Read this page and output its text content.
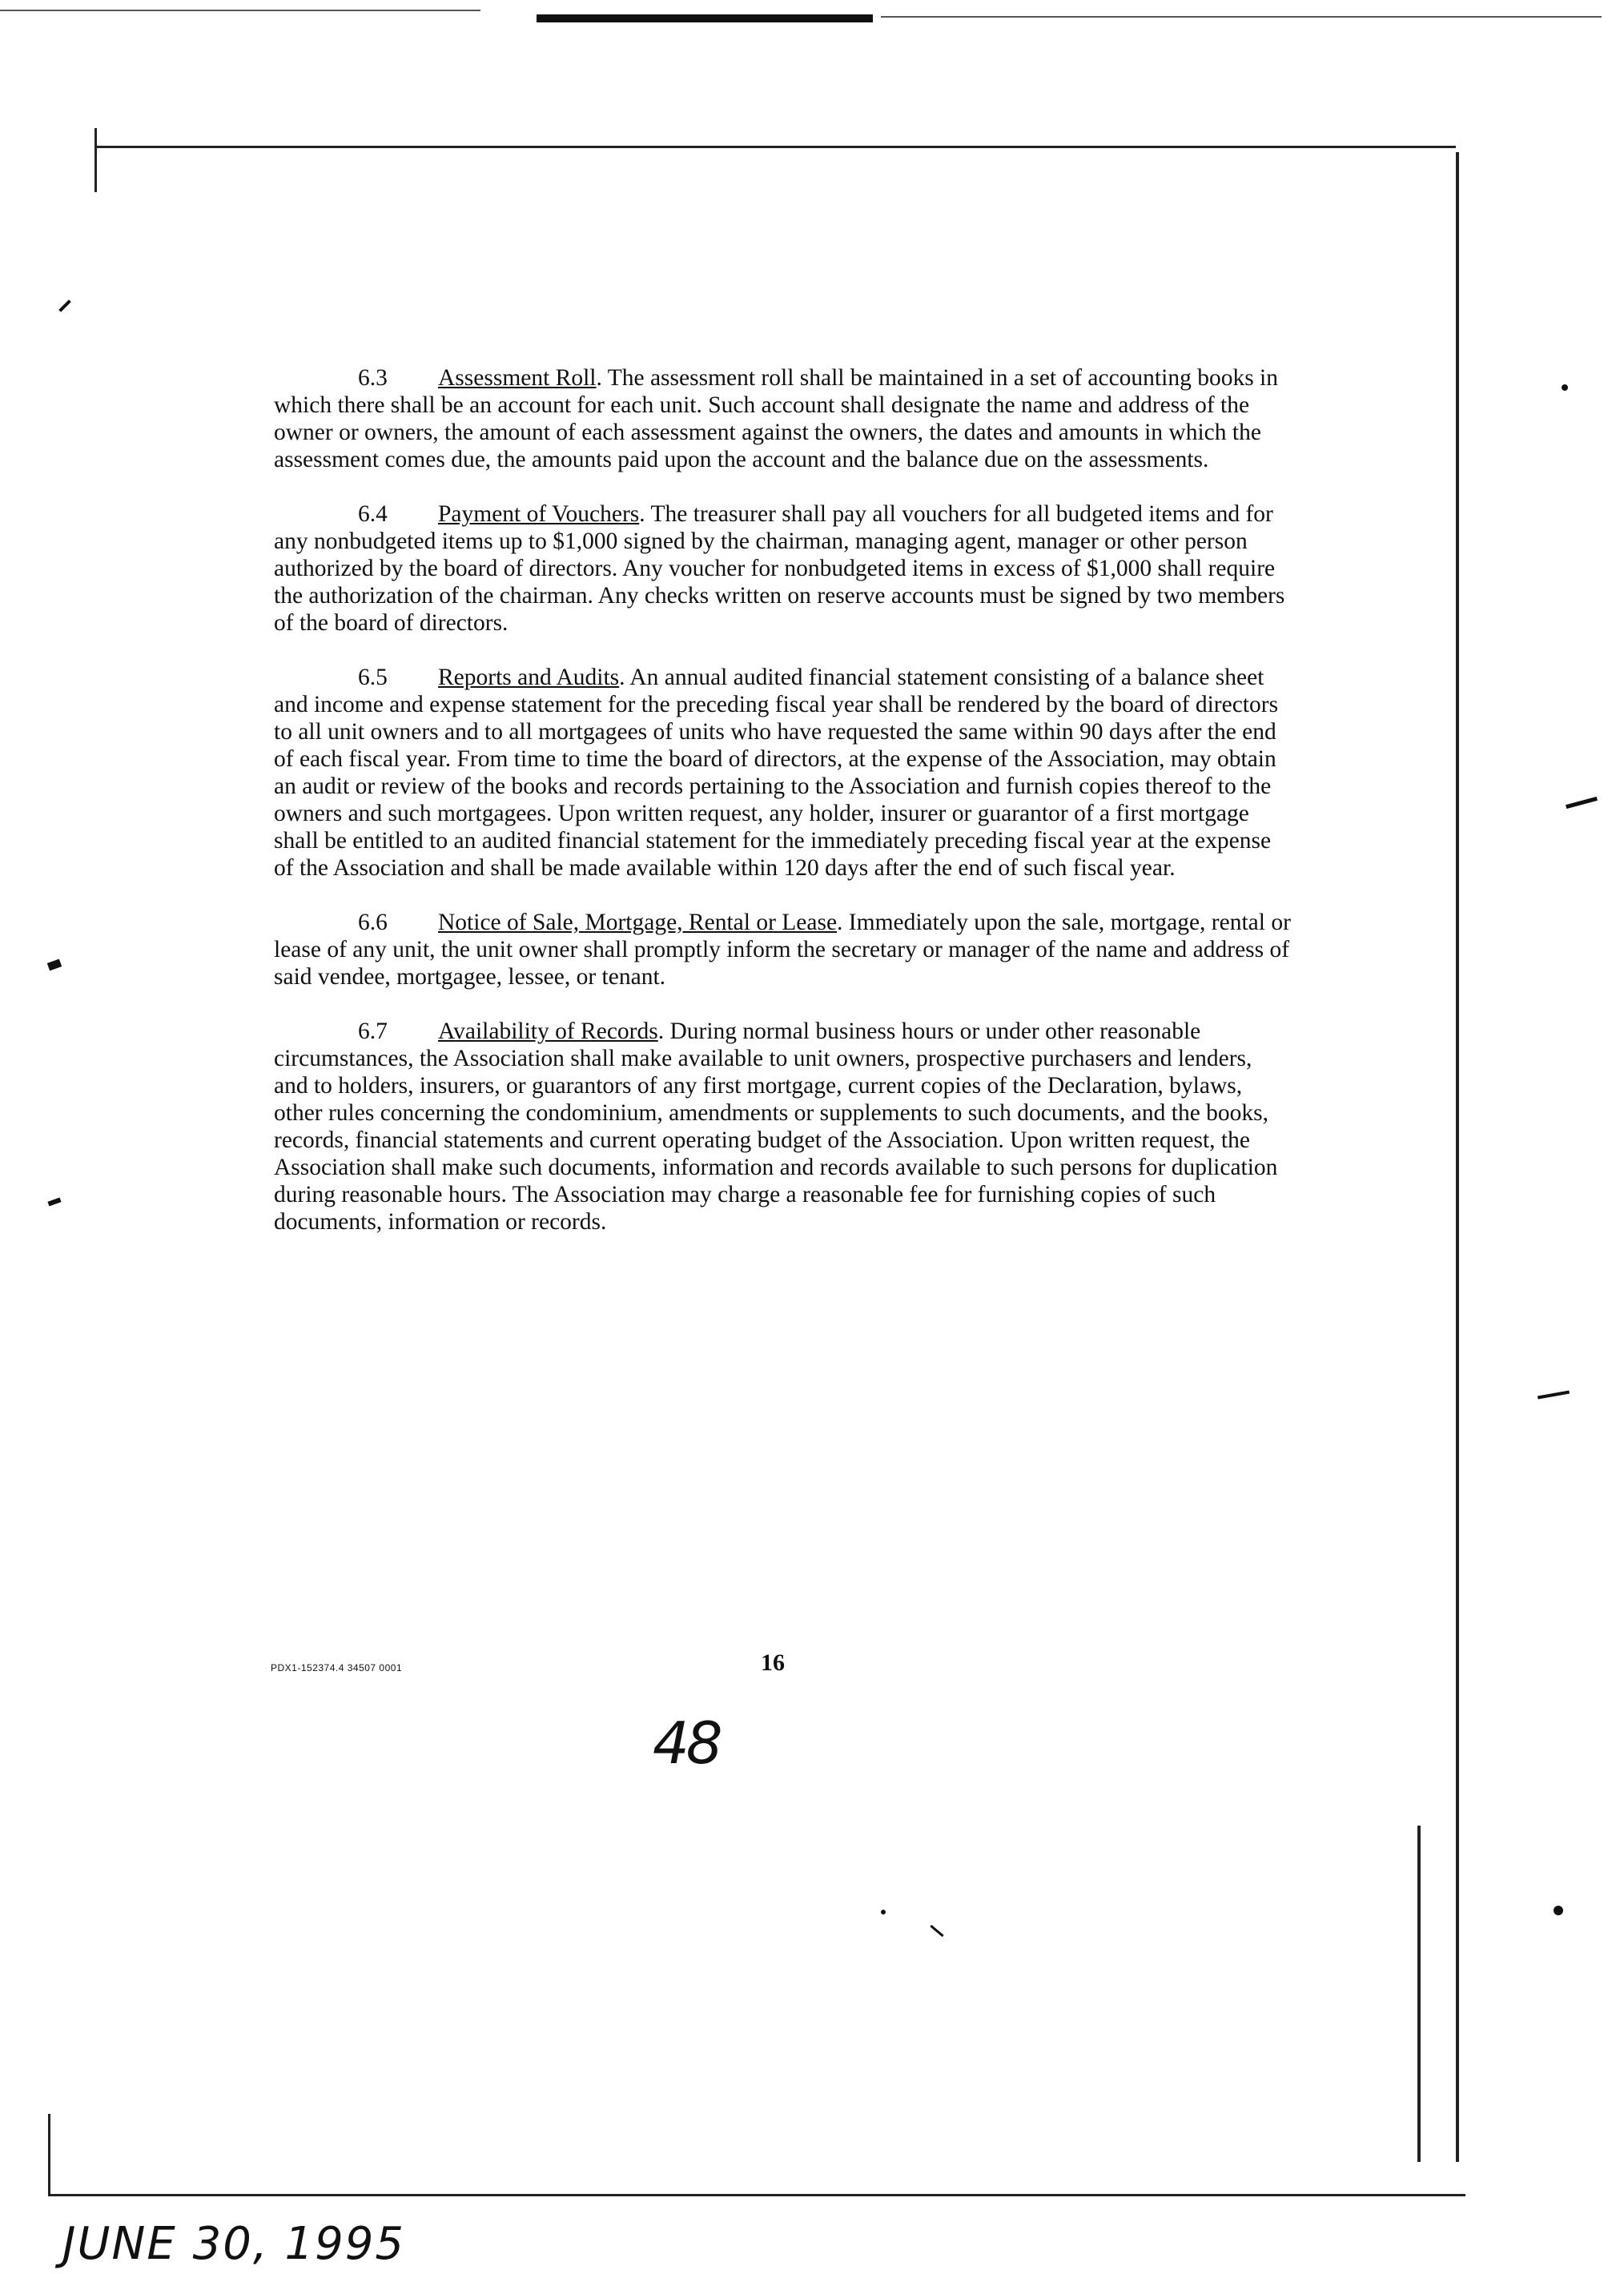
6.3 Assessment Roll. The assessment roll shall be maintained in a set of accounting books in which there shall be an account for each unit. Such account shall designate the name and address of the owner or owners, the amount of each assessment against the owners, the dates and amounts in which the assessment comes due, the amounts paid upon the account and the balance due on the assessments.

6.4 Payment of Vouchers. The treasurer shall pay all vouchers for all budgeted items and for any nonbudgeted items up to $1,000 signed by the chairman, managing agent, manager or other person authorized by the board of directors. Any voucher for nonbudgeted items in excess of $1,000 shall require the authorization of the chairman. Any checks written on reserve accounts must be signed by two members of the board of directors.

6.5 Reports and Audits. An annual audited financial statement consisting of a balance sheet and income and expense statement for the preceding fiscal year shall be rendered by the board of directors to all unit owners and to all mortgagees of units who have requested the same within 90 days after the end of each fiscal year. From time to time the board of directors, at the expense of the Association, may obtain an audit or review of the books and records pertaining to the Association and furnish copies thereof to the owners and such mortgagees. Upon written request, any holder, insurer or guarantor of a first mortgage shall be entitled to an audited financial statement for the immediately preceding fiscal year at the expense of the Association and shall be made available within 120 days after the end of such fiscal year.

6.6 Notice of Sale, Mortgage, Rental or Lease. Immediately upon the sale, mortgage, rental or lease of any unit, the unit owner shall promptly inform the secretary or manager of the name and address of said vendee, mortgagee, lessee, or tenant.

6.7 Availability of Records. During normal business hours or under other reasonable circumstances, the Association shall make available to unit owners, prospective purchasers and lenders, and to holders, insurers, or guarantors of any first mortgage, current copies of the Declaration, bylaws, other rules concerning the condominium, amendments or supplements to such documents, and the books, records, financial statements and current operating budget of the Association. Upon written request, the Association shall make such documents, information and records available to such persons for duplication during reasonable hours. The Association may charge a reasonable fee for furnishing copies of such documents, information or records.

PDX1-152374.4 34507 0001	16
48
JUNE 30, 1995
